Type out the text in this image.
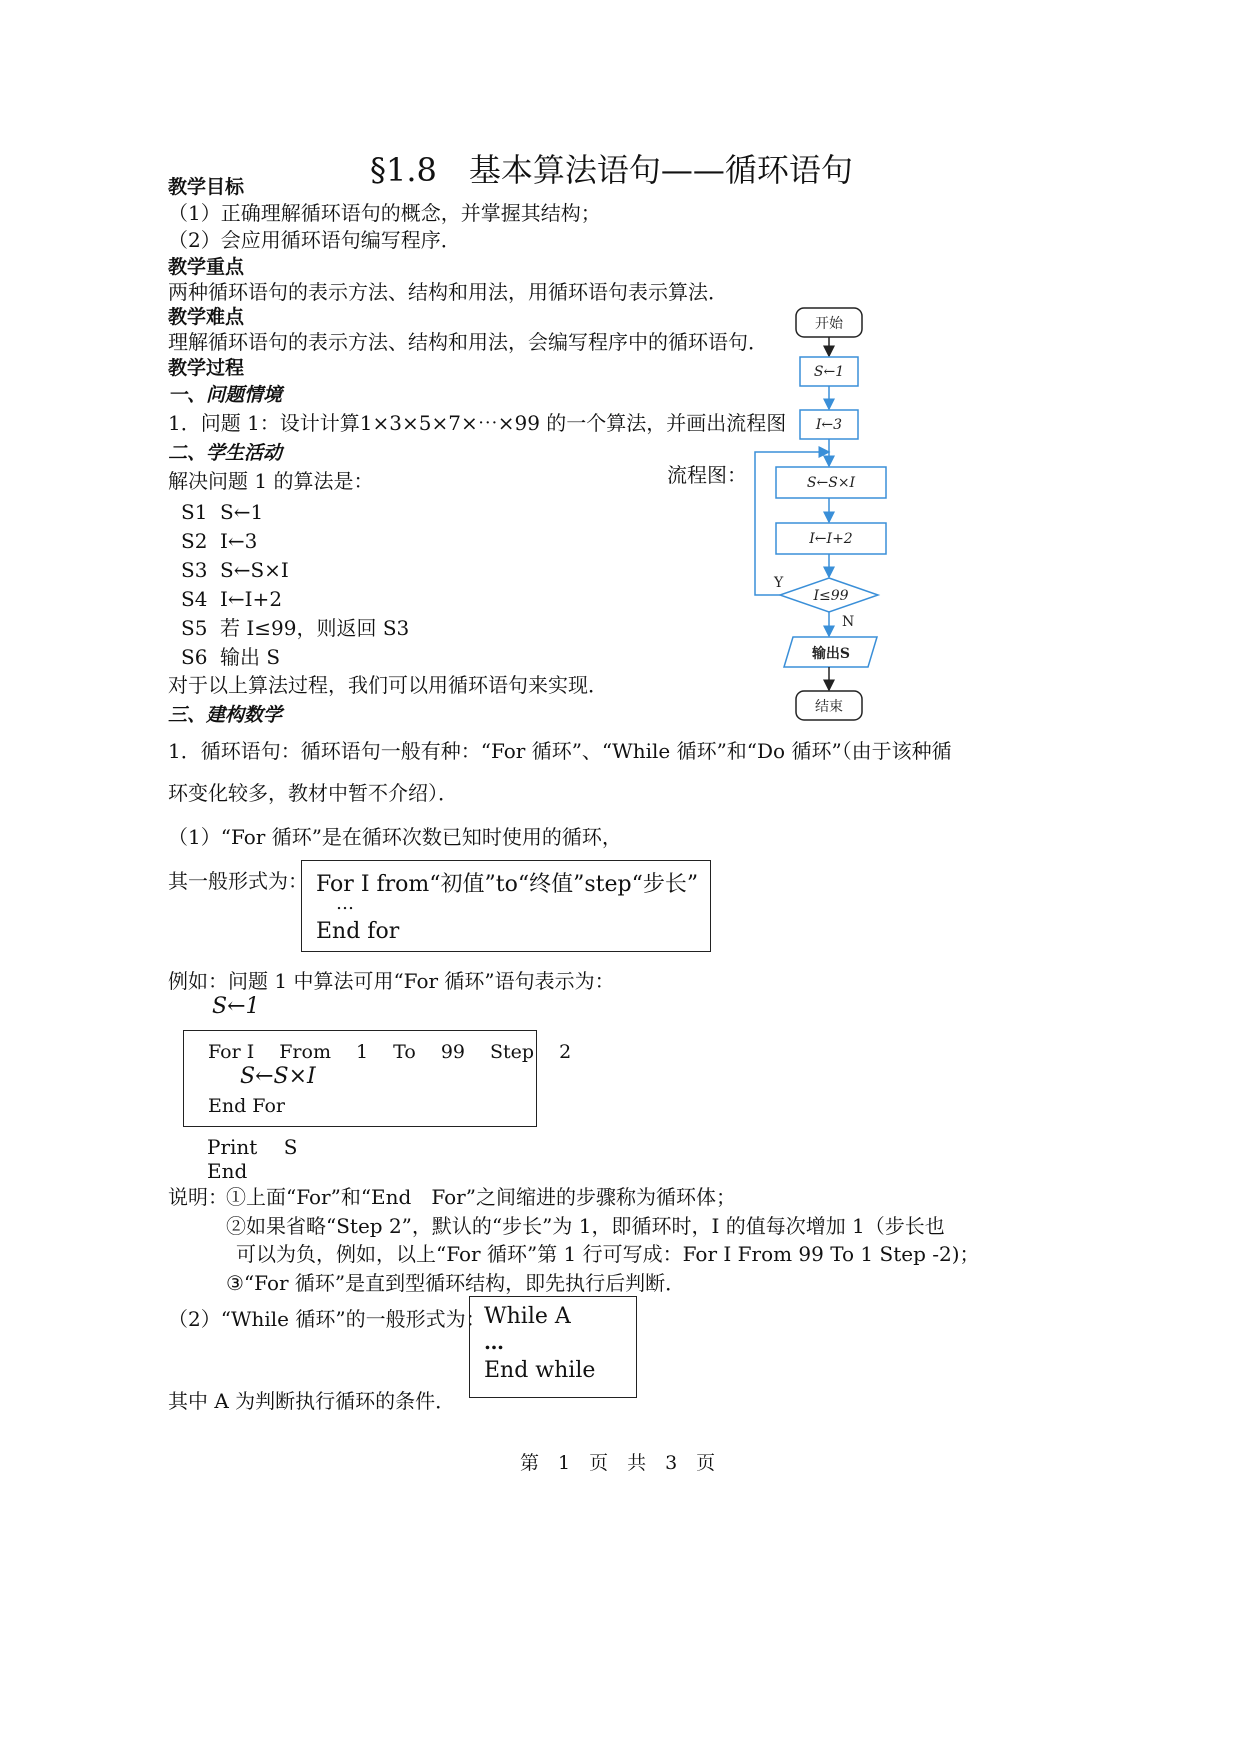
§1.8　基本算法语句——循环语句
教学目标
（1）正确理解循环语句的概念，并掌握其结构；
（2）会应用循环语句编写程序．
教学重点
两种循环语句的表示方法、结构和用法，用循环语句表示算法．
教学难点
理解循环语句的表示方法、结构和用法，会编写程序中的循环语句．
教学过程
一、问题情境
1．问题 1：设计计算1×3×5×7×⋯×99 的一个算法，并画出流程图
二、学生活动
解决问题 1 的算法是：	流程图：
S1 S←1
S2 I←3
S3 S←S×I
S4 I←I+2
S5 若 I≤99，则返回 S3
S6 输出 S
对于以上算法过程，我们可以用循环语句来实现．
开始
S←1
I←3
S←S×I
I←I+2
I≤99
Y
N
输出S
结束
三、建构数学
1．循环语句：循环语句一般有种：“For 循环”、“While 循环”和“Do 循环”（由于该种循
环变化较多，教材中暂不介绍）．
（1）“For 循环”是在循环次数已知时使用的循环，
其一般形式为： For I from“初值”to“终值”step“步长”
…
End for
例如：问题 1 中算法可用“For 循环”语句表示为：
S←1
For I　 From　 1　 To　 99　 Step　 2
S←S×I
End For
Print　 S
End
说明：
①上面“For”和“End　For”之间缩进的步骤称为循环体；
②如果省略“Step 2”，默认的“步长”为 1，即循环时，I 的值每次增加 1（步长也
可以为负，例如，以上“For 循环”第 1 行可写成：For I From 99 To 1 Step -2)；
③“For 循环”是直到型循环结构，即先执行后判断．
（2）“While 循环”的一般形式为：
While A
…
End while
其中 A 为判断执行循环的条件．
第　1　页　共　3　页
